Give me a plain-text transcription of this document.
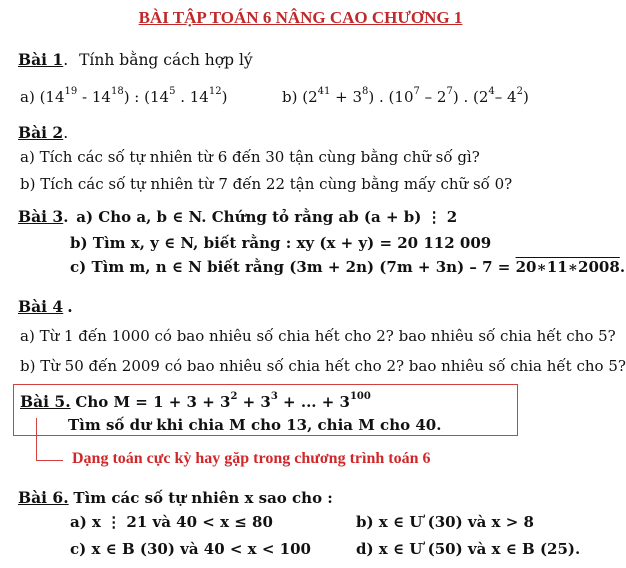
BÀI TẬP TOÁN 6 NÂNG CAO CHƯƠNG 1
Bài 1. Tính bằng cách hợp lý
a) $(14^{19} - 14^{18})$ : ($14^5$ . $14^{12}$)	b) $(2^{41} + 3^8)$ . $(10^7 - 2^7)$ . ($2^4-$ $4^2$)
Bài 2.
a) Tích các số tự nhiên từ 6 đến 30 tận cùng bằng chữ số gì?
b) Tích các số tự nhiên từ 7 đến 22 tận cùng bằng mấy chữ số 0?
Bài 3. a) Cho a, b ∈ N. Chứng tỏ rằng ab (a + b) ⋮ 2
b) Tìm x, y ∈ N, biết rằng : xy (x + y) = 20 112 009
c) Tìm m, n ∈ N biết rằng (3m + 2n) (7m + 3n) – 7 = 20∗11∗2008.
Bài 4 .
a) Từ 1 đến 1000 có bao nhiêu số chia hết cho 2? bao nhiêu số chia hết cho 5?
b) Từ 50 đến 2009 có bao nhiêu số chia hết cho 2? bao nhiêu số chia hết cho 5?
Bài 5. Cho $M = 1 + 3 + 3^2 + 3^3$ + ... + $3^{100}$
Tìm số dư khi chia M cho 13, chia M cho 40.
Dạng toán cực kỳ hay gặp trong chương trình toán 6
Bài 6. Tìm các số tự nhiên x sao cho :
a) x ⋮ 21 và 40 < x ≤ 80	b) x ∈ Ư (30) và x > 8
c) x ∈ B (30) và 40 < x < 100	d) x ∈ Ư (50) và x ∈ B (25).
